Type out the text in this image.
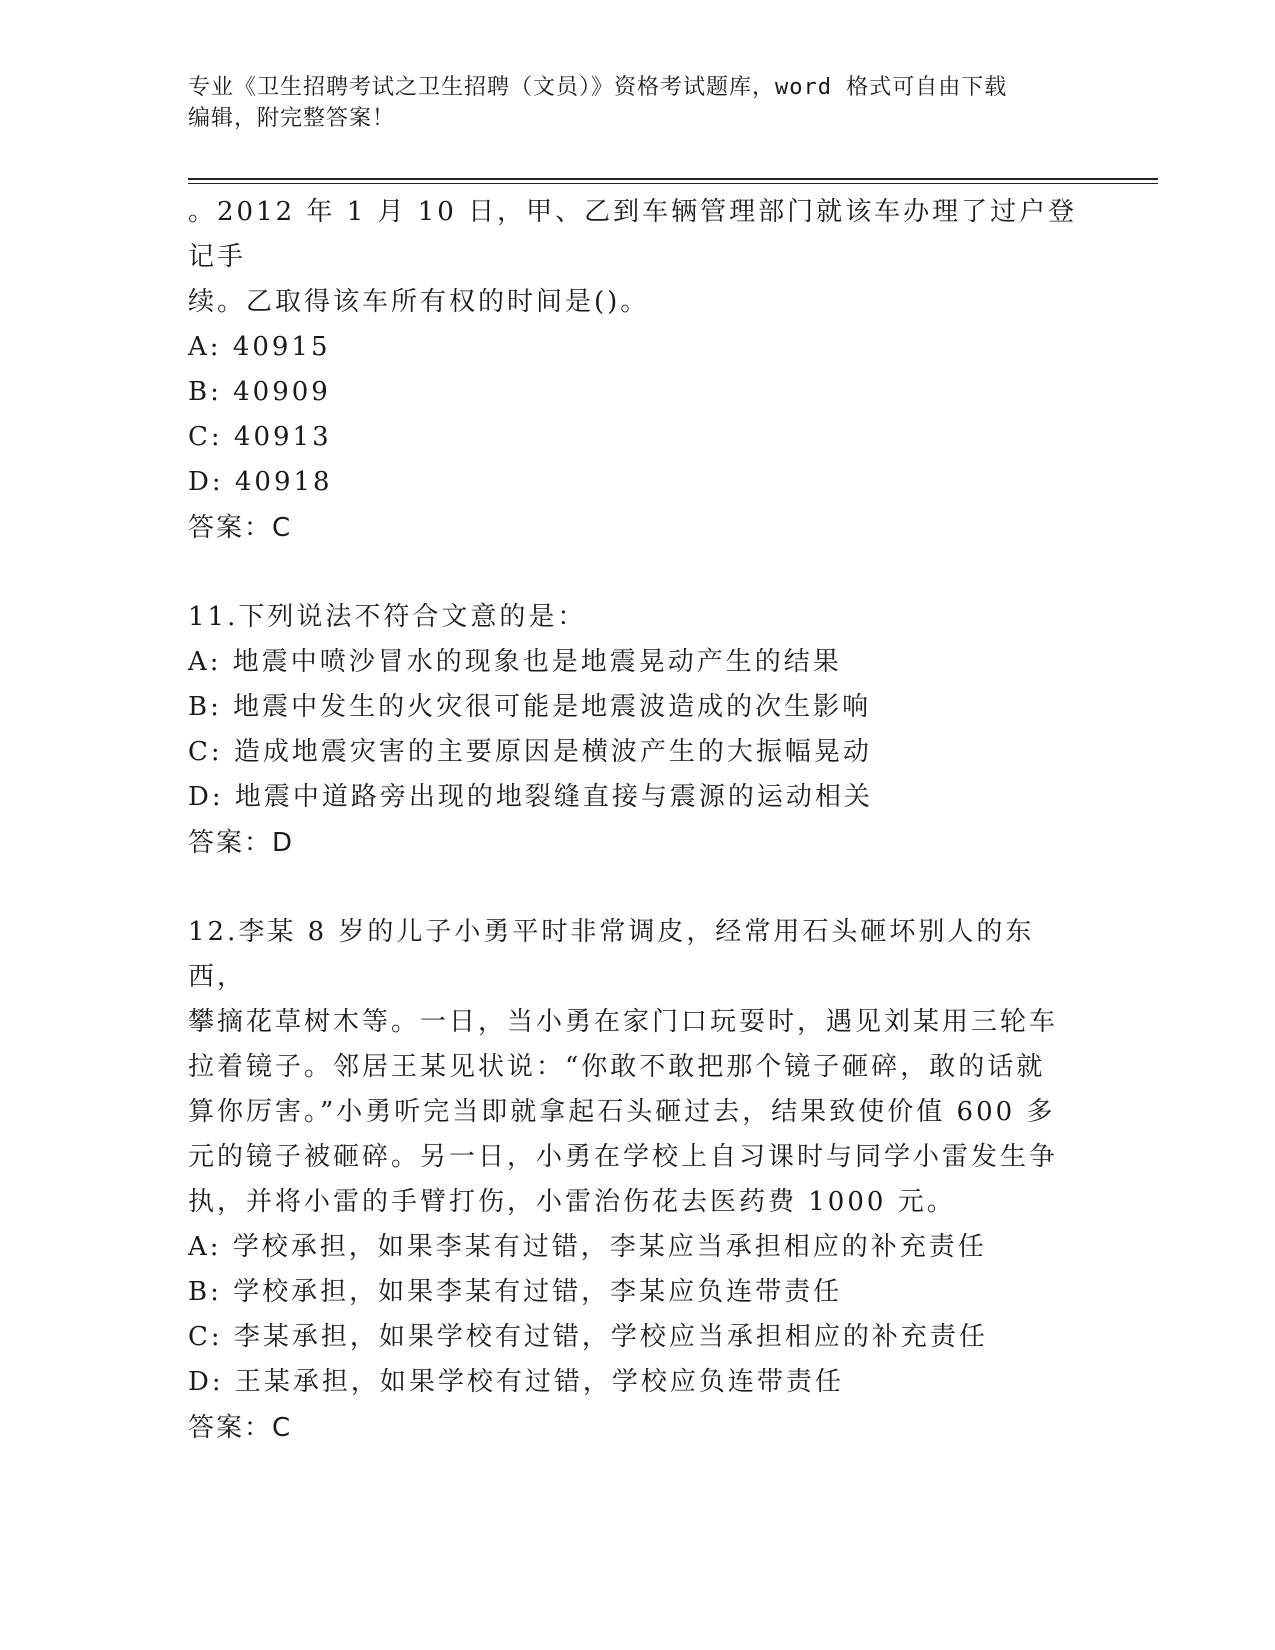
专业《卫生招聘考试之卫生招聘（文员）》资格考试题库，word 格式可自由下载
编辑，附完整答案！
。2012 年 1 月 10 日，甲、乙到车辆管理部门就该车办理了过户登记手
续。乙取得该车所有权的时间是()。
A: 40915
B: 40909
C: 40913
D: 40918
答案：C
11.下列说法不符合文意的是：
A: 地震中喷沙冒水的现象也是地震晃动产生的结果
B: 地震中发生的火灾很可能是地震波造成的次生影响
C: 造成地震灾害的主要原因是横波产生的大振幅晃动
D: 地震中道路旁出现的地裂缝直接与震源的运动相关
答案：D
12.李某 8 岁的儿子小勇平时非常调皮，经常用石头砸坏别人的东西，
攀摘花草树木等。一日，当小勇在家门口玩耍时，遇见刘某用三轮车
拉着镜子。邻居王某见状说：“你敢不敢把那个镜子砸碎，敢的话就
算你厉害。”小勇听完当即就拿起石头砸过去，结果致使价值 600 多
元的镜子被砸碎。另一日，小勇在学校上自习课时与同学小雷发生争
执，并将小雷的手臂打伤，小雷治伤花去医药费 1000 元。
A: 学校承担，如果李某有过错，李某应当承担相应的补充责任
B: 学校承担，如果李某有过错，李某应负连带责任
C: 李某承担，如果学校有过错，学校应当承担相应的补充责任
D: 王某承担，如果学校有过错，学校应负连带责任
答案：C
